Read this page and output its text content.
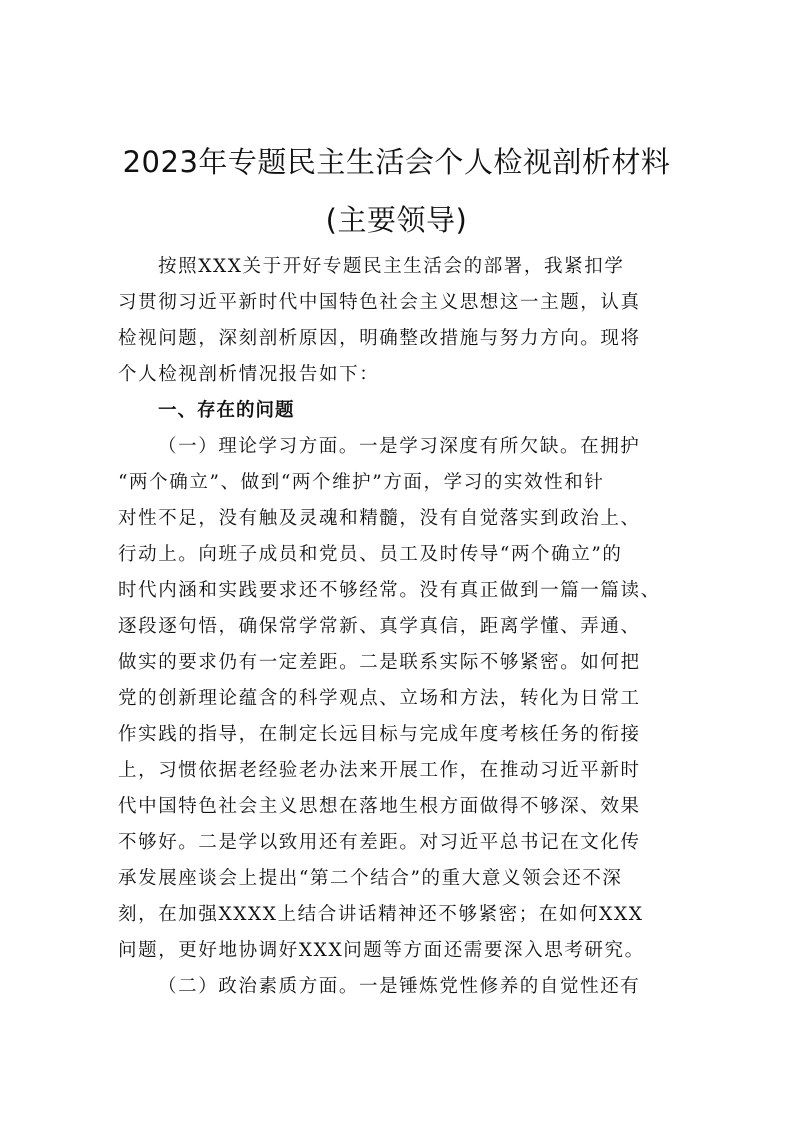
2023年专题民主生活会个人检视剖析材料
(主要领导)
按照XXX关于开好专题民主生活会的部署，我紧扣学
习贯彻习近平新时代中国特色社会主义思想这一主题，认真
检视问题，深刻剖析原因，明确整改措施与努力方向。现将
个人检视剖析情况报告如下：
一、存在的问题
（一）理论学习方面。一是学习深度有所欠缺。在拥护
“两个确立”、做到“两个维护”方面，学习的实效性和针
对性不足，没有触及灵魂和精髓，没有自觉落实到政治上、
行动上。向班子成员和党员、员工及时传导“两个确立”的
时代内涵和实践要求还不够经常。没有真正做到一篇一篇读、
逐段逐句悟，确保常学常新、真学真信，距离学懂、弄通、
做实的要求仍有一定差距。二是联系实际不够紧密。如何把
党的创新理论蕴含的科学观点、立场和方法，转化为日常工
作实践的指导，在制定长远目标与完成年度考核任务的衔接
上，习惯依据老经验老办法来开展工作，在推动习近平新时
代中国特色社会主义思想在落地生根方面做得不够深、效果
不够好。二是学以致用还有差距。对习近平总书记在文化传
承发展座谈会上提出“第二个结合”的重大意义领会还不深
刻，在加强XXXX上结合讲话精神还不够紧密；在如何XXX
问题，更好地协调好XXX问题等方面还需要深入思考研究。
（二）政治素质方面。一是锤炼党性修养的自觉性还有
